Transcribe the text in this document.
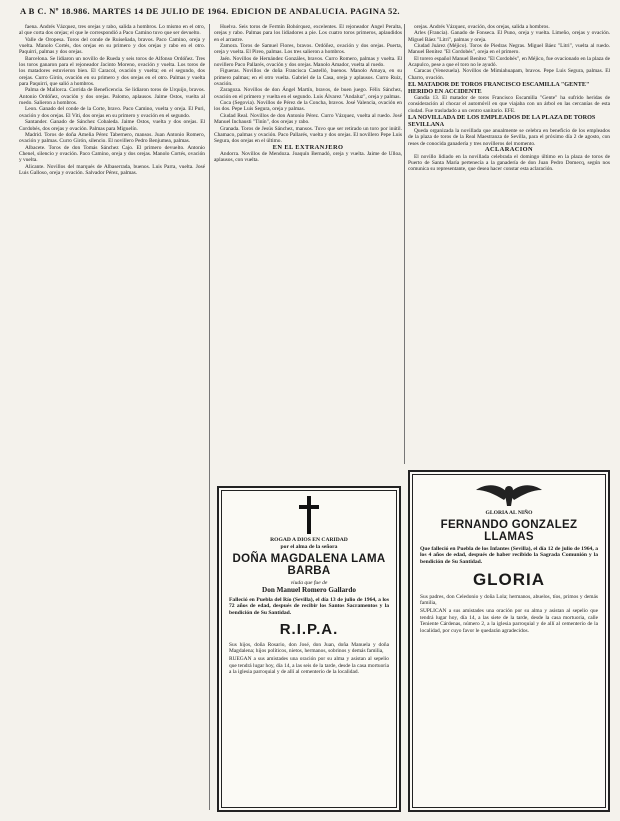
A B C. Nº 18.986. MARTES 14 DE JULIO DE 1964. EDICION DE ANDALUCIA. PAGINA 52.

faena. Andrés Vázquez, tres orejas y rabo, salida a hombros. Lo mismo en el otro, al que corta dos orejas; el que le correspondió a Paco Camino tuvo que ser devuelto.

Valle de Oropesa. Toros del conde de Ruiseñada, bravos. Paco Camino, oreja y vuelta. Manolo Cortés, dos orejas en su primero y dos orejas y rabo en el otro. Paquirri, palmas y dos orejas.

Barcelona. Se lidiaron un novillo de Rueda y seis toros de Alfonso Ordóñez. Tres los toros ganaron para el rejoneador Jacinto Moreno, ovación y vuelta. Los toros de los matadores estuvieron bien. El Caracol, ovación y vuelta; en el segundo, dos orejas. Curro Girón, ovación en su primero y dos orejas en el otro. Palmas y vuelta para Paquirri, que salió a hombros.

Palma de Mallorca. Corrida de Beneficencia. Se lidiaron toros de Urquijo, bravos. Antonio Ordóñez, ovación y dos orejas. Palomo, aplausos. Jaime Ostos, vuelta al ruedo. Salieron a hombros.

Leon. Ganado del conde de la Corte, bravo. Paco Camino, vuelta y oreja. El Puri, ovación y dos orejas. El Viti, dos orejas en su primero y ovación en el segundo.

Santander. Ganado de Sánchez Cobaleda. Jaime Ostos, vuelta y dos orejas. El Cordobés, dos orejas y ovación. Palmas para Miguelín.

Madrid. Toros de doña Amelia Pérez Tabernero, mansos. Juan Antonio Romero, ovación y palmas. Curro Girón, silencio. El novillero Pedro Benjumea, palmas.

Albacete. Toros de don Tomás Sánchez Cajo. El primero devuelto. Antonio Chenel, silencio y ovación. Paco Camino, oreja y dos orejas. Manolo Cortés, ovación y vuelta.

Alicante. Novillos del marqués de Albaserrada, buenos. Luis Parra, vuelta. José Luis Galloso, oreja y ovación. Salvador Pérez, palmas.

Huelva. Seis toros de Fermín Bohórquez, excelentes. El rejoneador Ángel Peralta, orejas y rabo. Palmas para los lidiadores a pie. Los cuatro toros primeros, aplaudidos en el arrastre.

Zamora. Toros de Samuel Flores, bravos. Ordóñez, ovación y dos orejas. Puerta, oreja y vuelta. El Pireo, palmas. Los tres salieron a hombros.

Jaén. Novillos de Hernández Gonzáles, bravos. Curro Romero, palmas y vuelta. El novillero Paco Pallarés, ovación y dos orejas. Manolo Amador, vuelta al ruedo.

Figueras. Novillos de doña Francisca Castelló, buenos. Manolo Amaya, en su primero palmas; en el otro vuelta. Gabriel de la Casa, oreja y aplausos. Curro Ruiz, ovación.

Zaragoza. Novillos de don Ángel Martín, bravos, de buen juego. Félix Sánchez, ovación en el primero y vuelta en el segundo. Luis Álvarez "Andaluz", oreja y palmas.

Coca (Segovia). Novillos de Pérez de la Concha, bravos. José Valencia, ovación en los dos. Pepe Luis Segura, oreja y palmas.

Ciudad Real. Novillos de don Antonio Pérez. Curro Vázquez, vuelta al ruedo. José Manuel Inchausti "Tinín", dos orejas y rabo.

Granada. Toros de Jesús Sánchez, mansos. Tuvo que ser retirado un toro por inútil. Chamaco, palmas y ovación. Paco Pallarés, vuelta y dos orejas. El novillero Pepe Luis Segura, dos orejas en el último.

EN EL EXTRANJERO

Andorra. Novillos de Mendoza. Joaquín Bernadó, oreja y vuelta. Jaime de Ulloa, aplausos, con vuelta.

orejas. Andrés Vázquez, ovación, dos orejas, salida a hombros.

Arles (Francia). Ganado de Fonseca. El Puno, oreja y vuelta. Limeño, orejas y ovación. Miguel Báez "Litri", palmas y oreja.

Ciudad Juárez (Méjico). Toros de Piedras Negras. Miguel Báez "Litri", vuelta al ruedo. Manuel Benítez "El Cordobés", oreja en el primero.

El torero español Manuel Benítez "El Cordobés", en Méjico, fue ovacionado en la plaza de Acapulco, pese a que el toro no le ayudó.

Caracas (Venezuela). Novillos de Mimiahuapam, bravos. Pepe Luis Segura, palmas. El Charro, ovación.

EL MATADOR DE TOROS FRANCISCO ESCAMILLA "GENTE" HERIDO EN ACCIDENTE

Gandía 13. El matador de toros Francisco Escamilla "Gente" ha sufrido heridas de consideración al chocar el automóvil en que viajaba con un árbol en las cercanías de esta ciudad. Fue trasladado a un centro sanitario. EFE.

LA NOVILLADA DE LOS EMPLEADOS DE LA PLAZA DE TOROS SEVILLANA

Queda organizada la novillada que anualmente se celebra en beneficio de los empleados de la plaza de toros de la Real Maestranza de Sevilla, para el próximo día 2 de agosto, con reses de conocida ganadería y tres novilleros del momento.

ACLARACION

El novillo lidiado en la novillada celebrada el domingo último en la plaza de toros de Puerto de Santa María pertenecía a la ganadería de don Juan Pedro Domecq, según nos comunica su representante, que desea hacer constar esta aclaración.

ROGAD A DIOS EN CARIDAD

por el alma de la señora

DOÑA MAGDALENA LAMA BARBA

viuda que fue de

Don Manuel Romero Gallardo

Falleció en Puebla del Río (Sevilla), el día 13 de julio de 1964, a los 72 años de edad, después de recibir los Santos Sacramentos y la bendición de Su Santidad.

R.I.P.A.

Sus hijos, doña Rosario, don José, don Juan, doña Manuela y doña Magdalena; hijos políticos, nietos, hermanos, sobrinos y demás familia,

RUEGAN a sus amistades una oración por su alma y asistan al sepelio que tendrá lugar hoy, día 14, a las seis de la tarde, desde la casa mortuoria a la iglesia parroquial y de allí al cementerio de la localidad.

GLORIA AL NIÑO

FERNANDO GONZALEZ LLAMAS

Que falleció en Puebla de los Infantes (Sevilla), el día 12 de julio de 1964, a los 4 años de edad, después de haber recibido la Sagrada Comunión y la bendición de Su Santidad.

GLORIA

Sus padres, don Celedonio y doña Lola; hermanos, abuelos, tíos, primos y demás familia,

SUPLICAN a sus amistades una oración por su alma y asistan al sepelio que tendrá lugar hoy, día 14, a las siete de la tarde, desde la casa mortuoria, calle Teniente Cárdenas, número 2, a la iglesia parroquial y de allí al cementerio de la localidad, por cuyo favor le quedarán agradecidos.
